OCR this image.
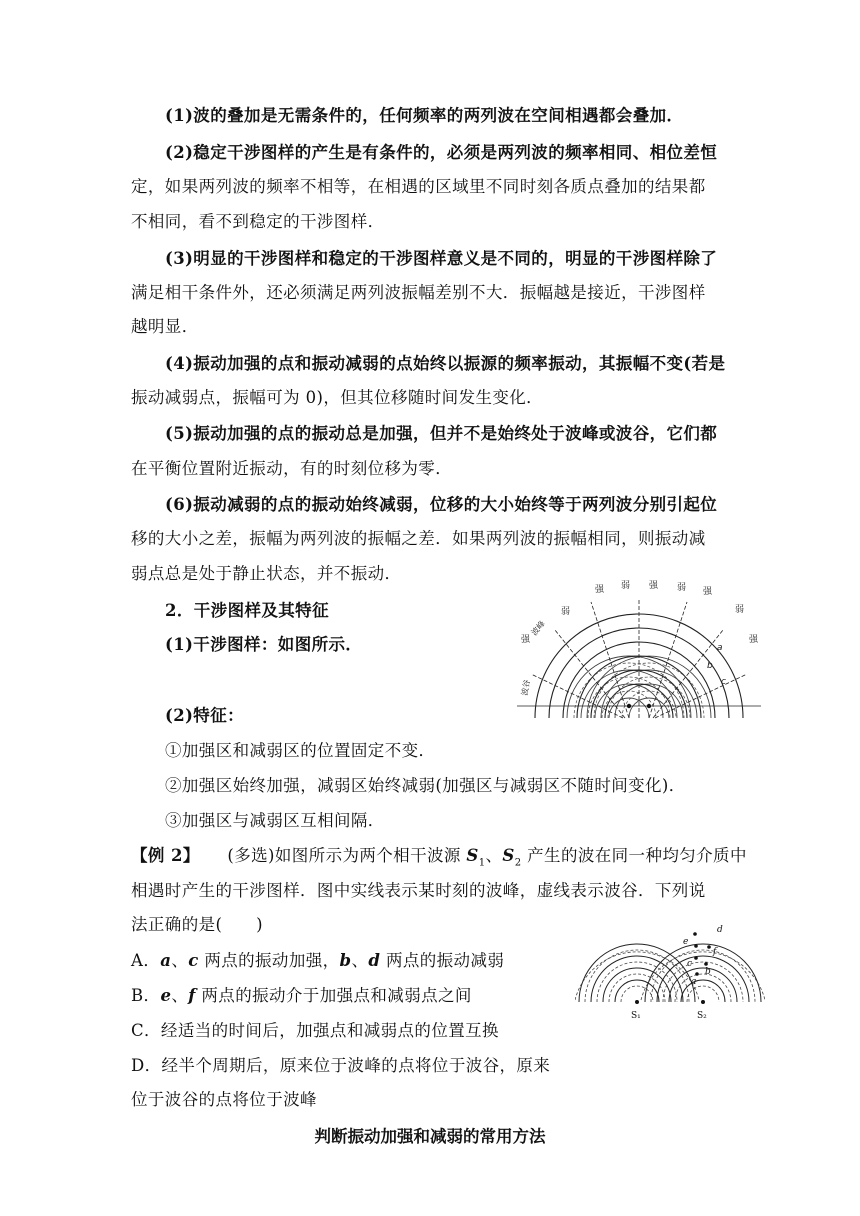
(1)波的叠加是无需条件的，任何频率的两列波在空间相遇都会叠加．
(2)稳定干涉图样的产生是有条件的，必须是两列波的频率相同、相位差恒
定，如果两列波的频率不相等，在相遇的区域里不同时刻各质点叠加的结果都
不相同，看不到稳定的干涉图样．
(3)明显的干涉图样和稳定的干涉图样意义是不同的，明显的干涉图样除了
满足相干条件外，还必须满足两列波振幅差别不大．振幅越是接近，干涉图样
越明显．
(4)振动加强的点和振动减弱的点始终以振源的频率振动，其振幅不变(若是
振动减弱点，振幅可为 0)，但其位移随时间发生变化．
(5)振动加强的点的振动总是加强，但并不是始终处于波峰或波谷，它们都
在平衡位置附近振动，有的时刻位移为零．
(6)振动减弱的点的振动始终减弱，位移的大小始终等于两列波分别引起位
移的大小之差，振幅为两列波的振幅之差．如果两列波的振幅相同，则振动减
弱点总是处于静止状态，并不振动．
2．干涉图样及其特征
(1)干涉图样：如图所示．
(2)特征：
①加强区和减弱区的位置固定不变．
②加强区始终加强，减弱区始终减弱(加强区与减弱区不随时间变化)．
③加强区与减弱区互相间隔．
强
弱
强 弱 强 弱 强
弱
强
波峰
波谷
a
b
c
【例 2】 (多选)如图所示为两个相干波源 $S_1$、$S_2$ 产生的波在同一种均匀介质中
相遇时产生的干涉图样．图中实线表示某时刻的波峰，虚线表示波谷．下列说
法正确的是(　　)
A．a、c 两点的振动加强，b、d 两点的振动减弱
B．e、f 两点的振动介于加强点和减弱点之间
C．经适当的时间后，加强点和减弱点的位置互换
D．经半个周期后，原来位于波峰的点将位于波谷，原来
位于波谷的点将位于波峰
d
e
f
c
b
a
S₁	S₂
判断振动加强和减弱的常用方法
